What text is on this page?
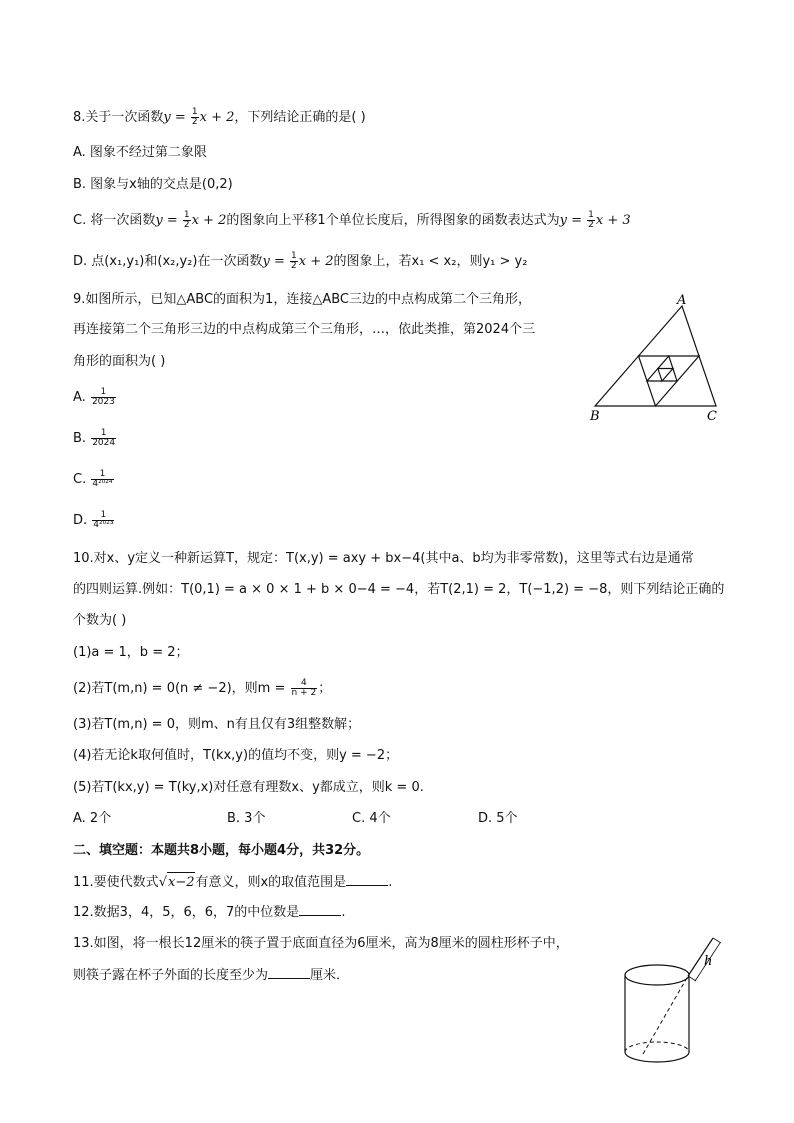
8.关于一次函数$y = \frac{1}{2}$ x + 2，下列结论正确的是( )
A. 图象不经过第二象限
B. 图象与x轴的交点是(0,2)
C. 将一次函数$y = \frac{1}{2}$ x + 2的图象向上平移1个单位长度后，所得图象的函数表达式为$y = \frac{1}{2}$ x + 3
D. 点(x₁,y₁)和(x₂,y₂)在一次函数$y = \frac{1}{2}$ x + 2的图象上，若x₁ < x₂，则y₁ > y₂
9.如图所示，已知△ABC的面积为1，连接△ABC三边的中点构成第二个三角形，
再连接第二个三角形三边的中点构成第三个三角形，…，依此类推，第2024个三
角形的面积为( )
A. $\frac{1}{2023}$
B. $\frac{1}{2024}$
C. $\frac{1}{\text{4²⁰²⁴}}$
D. $\frac{1}{\text{4²⁰²³}}$
A
B	C
10.对x、y定义一种新运算T，规定：T(x,y) = axy + bx−4(其中a、b均为非零常数)，这里等式右边是通常
的四则运算.例如：T(0,1) = a × 0 × 1 + b × 0−4 = −4，若T(2,1) = 2，T(−1,2) = −8，则下列结论正确的
个数为( )
(1)a = 1，b = 2；
(2)若T(m,n) = 0(n ≠ −2)，则$m = \frac{4}{n + 2}$ ；
(3)若T(m,n) = 0，则m、n有且仅有3组整数解；
(4)若无论k取何值时，T(kx,y)的值均不变，则y = −2；
(5)若T(kx,y) = T(ky,x)对任意有理数x、y都成立，则k = 0.
A. 2个	B. 3个	C. 4个	D. 5个
二、填空题：本题共8小题，每小题4分，共32分。
11.要使代数式√x−2有意义，则x的取值范围是	.
12.数据3，4，5，6，6，7的中位数是	.
13.如图，将一根长12厘米的筷子置于底面直径为6厘米，高为8厘米的圆柱形杯子中，
则筷子露在杯子外面的长度至少为	厘米．
h
